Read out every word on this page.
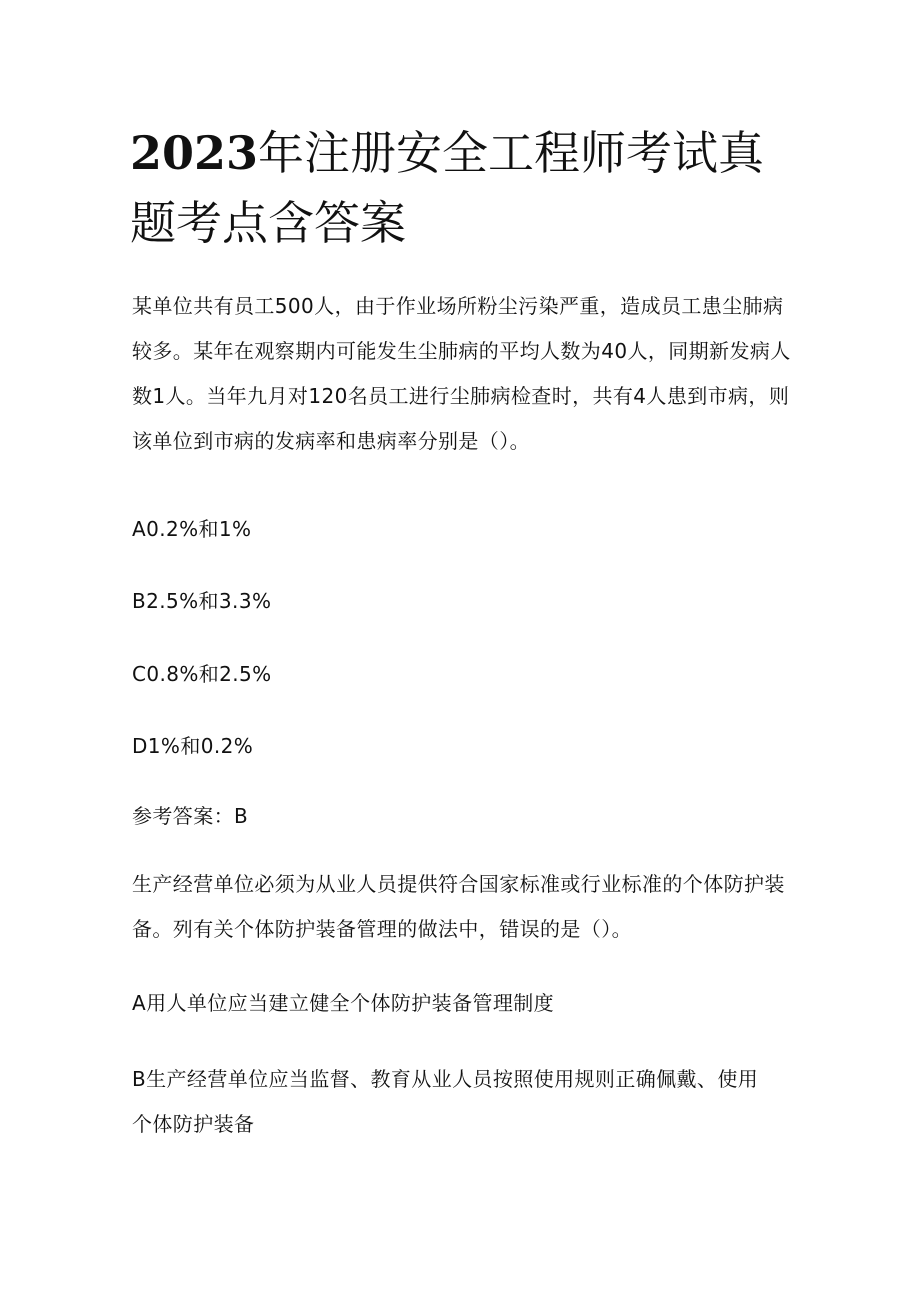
2023年注册安全工程师考试真题考点含答案

某单位共有员工500人，由于作业场所粉尘污染严重，造成员工患尘肺病较多。某年在观察期内可能发生尘肺病的平均人数为40人，同期新发病人数1人。当年九月对120名员工进行尘肺病检查时，共有4人患到市病，则该单位到市病的发病率和患病率分别是（）。

A0.2%和1%

B2.5%和3.3%

C0.8%和2.5%

D1%和0.2%

参考答案：B

生产经营单位必须为从业人员提供符合国家标准或行业标准的个体防护装备。列有关个体防护装备管理的做法中，错误的是（）。

A用人单位应当建立健全个体防护装备管理制度

B生产经营单位应当监督、教育从业人员按照使用规则正确佩戴、使用个体防护装备
